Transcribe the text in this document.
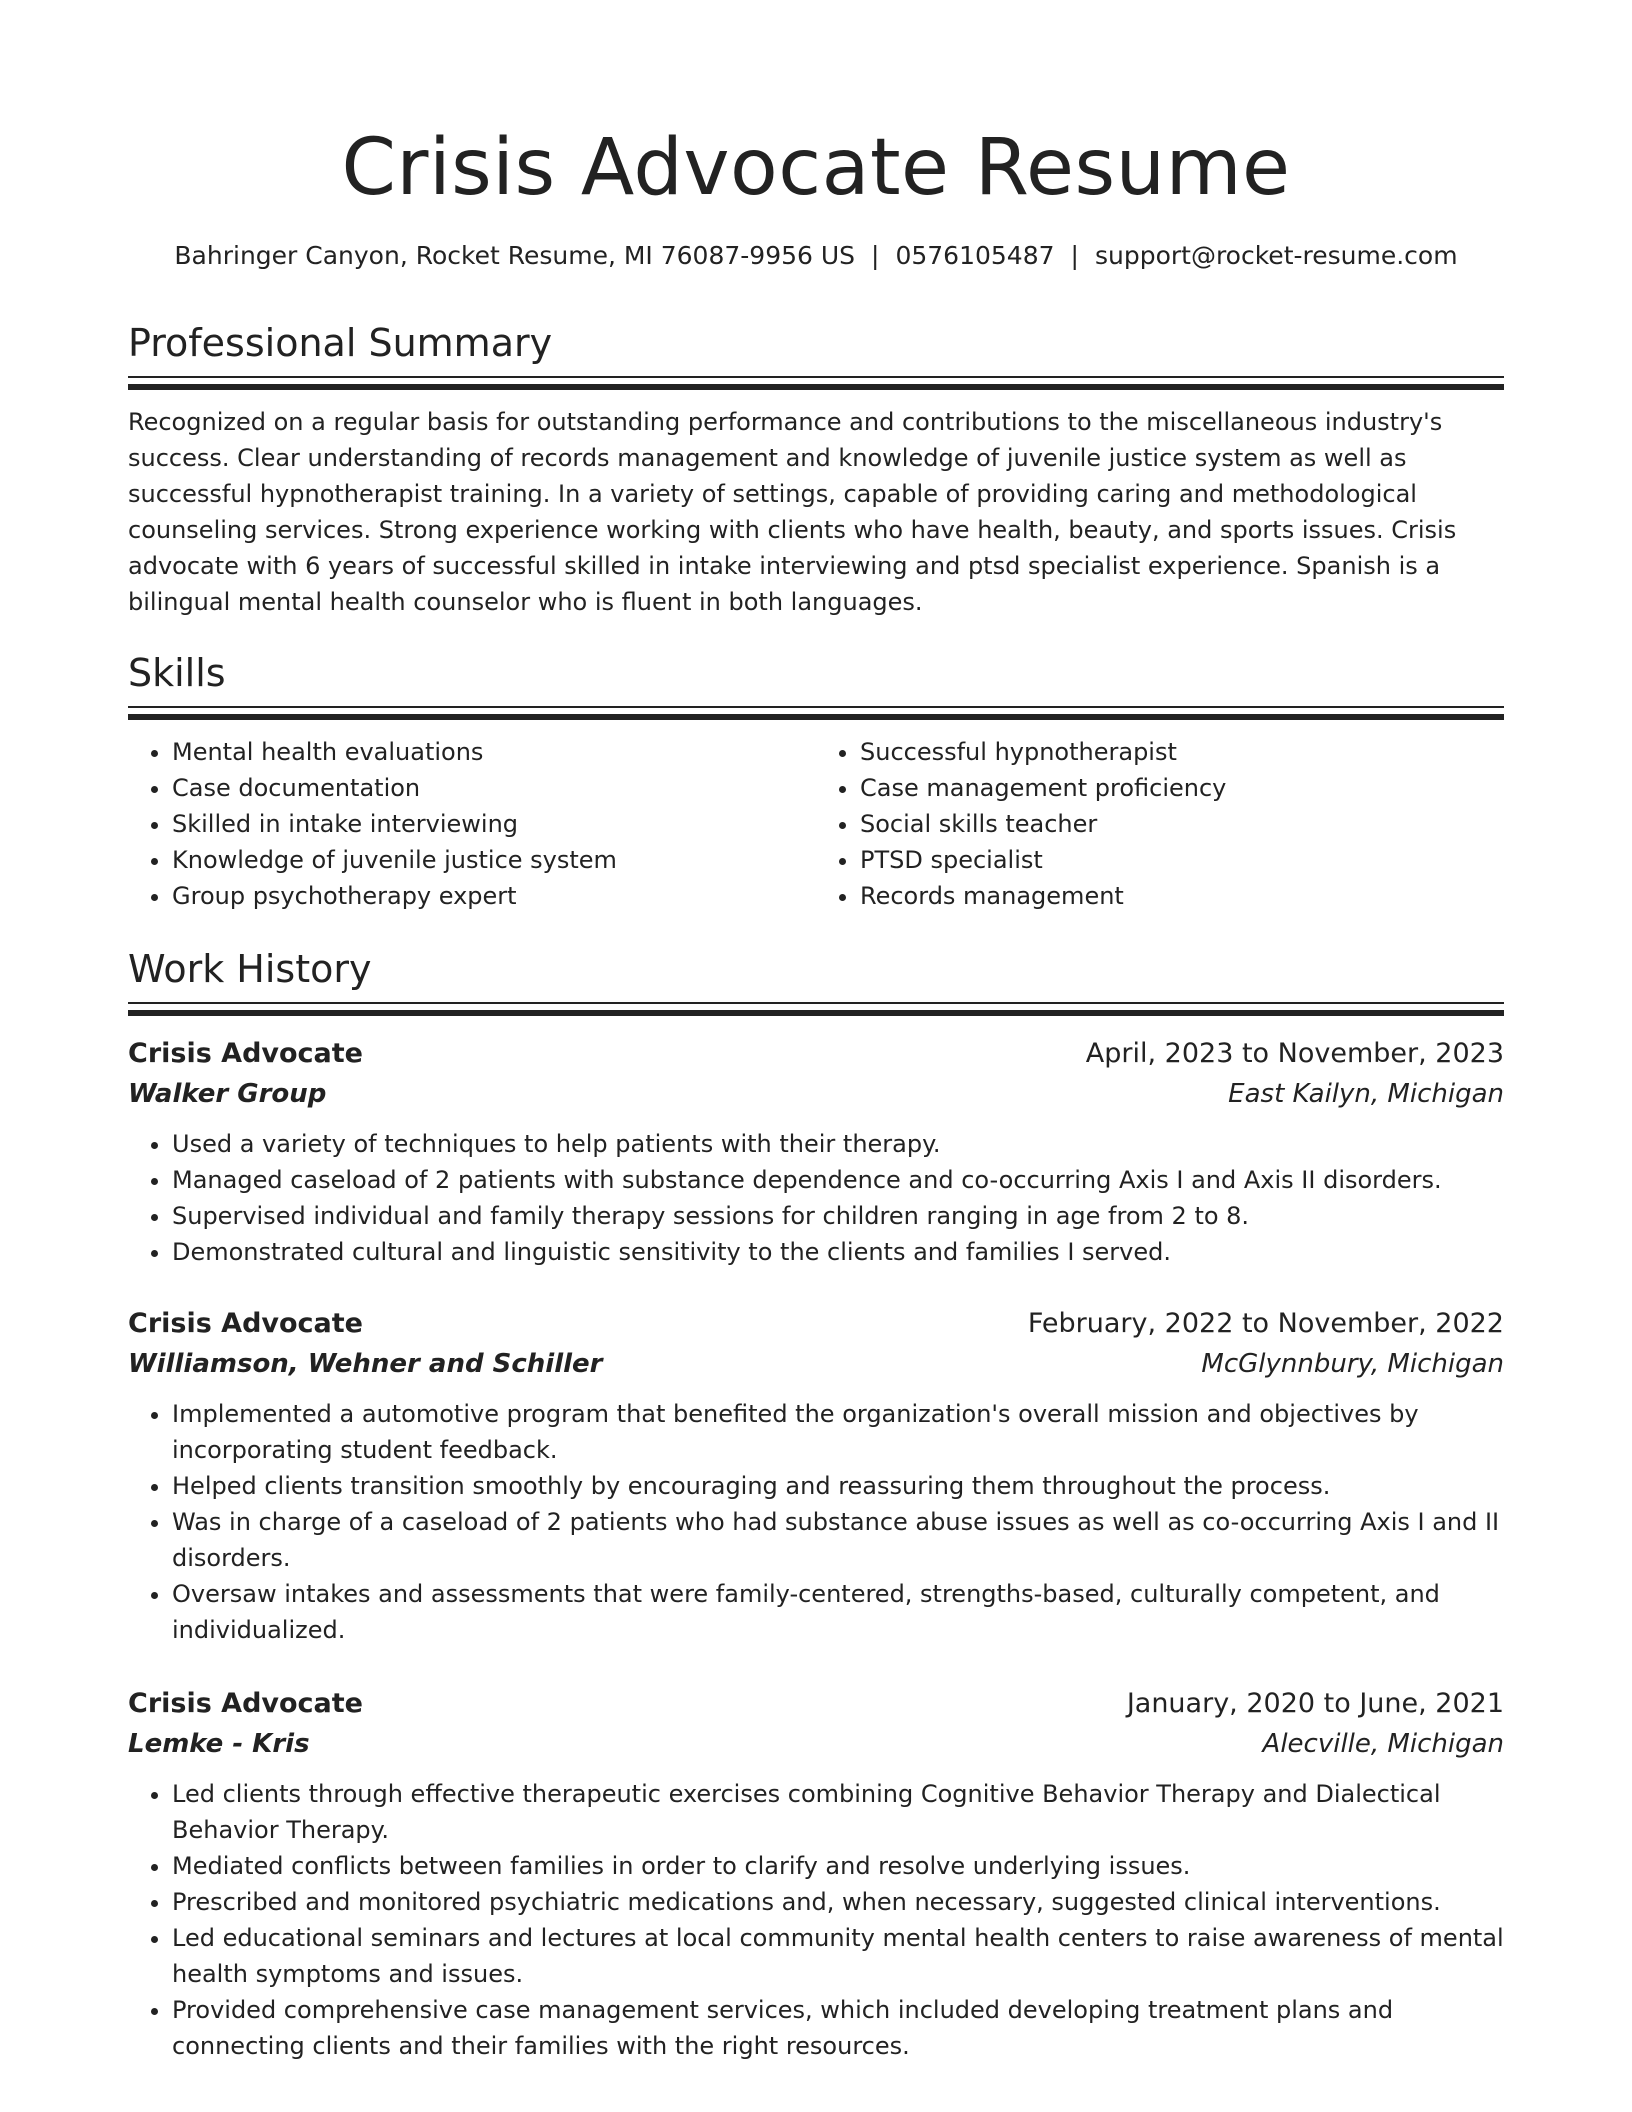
Crisis Advocate Resume
Bahringer Canyon, Rocket Resume, MI 76087-9956 US | 0576105487 | support@rocket-resume.com
Professional Summary

Recognized on a regular basis for outstanding performance and contributions to the miscellaneous industry's success. Clear understanding of records management and knowledge of juvenile justice system as well as successful hypnotherapist training. In a variety of settings, capable of providing caring and methodological counseling services. Strong experience working with clients who have health, beauty, and sports issues. Crisis advocate with 6 years of successful skilled in intake interviewing and ptsd specialist experience. Spanish is a bilingual mental health counselor who is fluent in both languages.

Skills
• Mental health evaluations
• Case documentation
• Skilled in intake interviewing
• Knowledge of juvenile justice system
• Group psychotherapy expert
• Successful hypnotherapist
• Case management proficiency
• Social skills teacher
• PTSD specialist
• Records management
Work History
Crisis Advocate	April, 2023 to November, 2023
Walker Group	East Kailyn, Michigan
• Used a variety of techniques to help patients with their therapy.
• Managed caseload of 2 patients with substance dependence and co-occurring Axis I and Axis II disorders.
• Supervised individual and family therapy sessions for children ranging in age from 2 to 8.
• Demonstrated cultural and linguistic sensitivity to the clients and families I served.
Crisis Advocate	February, 2022 to November, 2022
Williamson, Wehner and Schiller	McGlynnbury, Michigan
• Implemented a automotive program that benefited the organization's overall mission and objectives by incorporating student feedback.
• Helped clients transition smoothly by encouraging and reassuring them throughout the process.
• Was in charge of a caseload of 2 patients who had substance abuse issues as well as co-occurring Axis I and II disorders.
• Oversaw intakes and assessments that were family-centered, strengths-based, culturally competent, and individualized.
Crisis Advocate	January, 2020 to June, 2021
Lemke - Kris	Alecville, Michigan
• Led clients through effective therapeutic exercises combining Cognitive Behavior Therapy and Dialectical Behavior Therapy.
• Mediated conflicts between families in order to clarify and resolve underlying issues.
• Prescribed and monitored psychiatric medications and, when necessary, suggested clinical interventions.
• Led educational seminars and lectures at local community mental health centers to raise awareness of mental health symptoms and issues.
• Provided comprehensive case management services, which included developing treatment plans and connecting clients and their families with the right resources.
